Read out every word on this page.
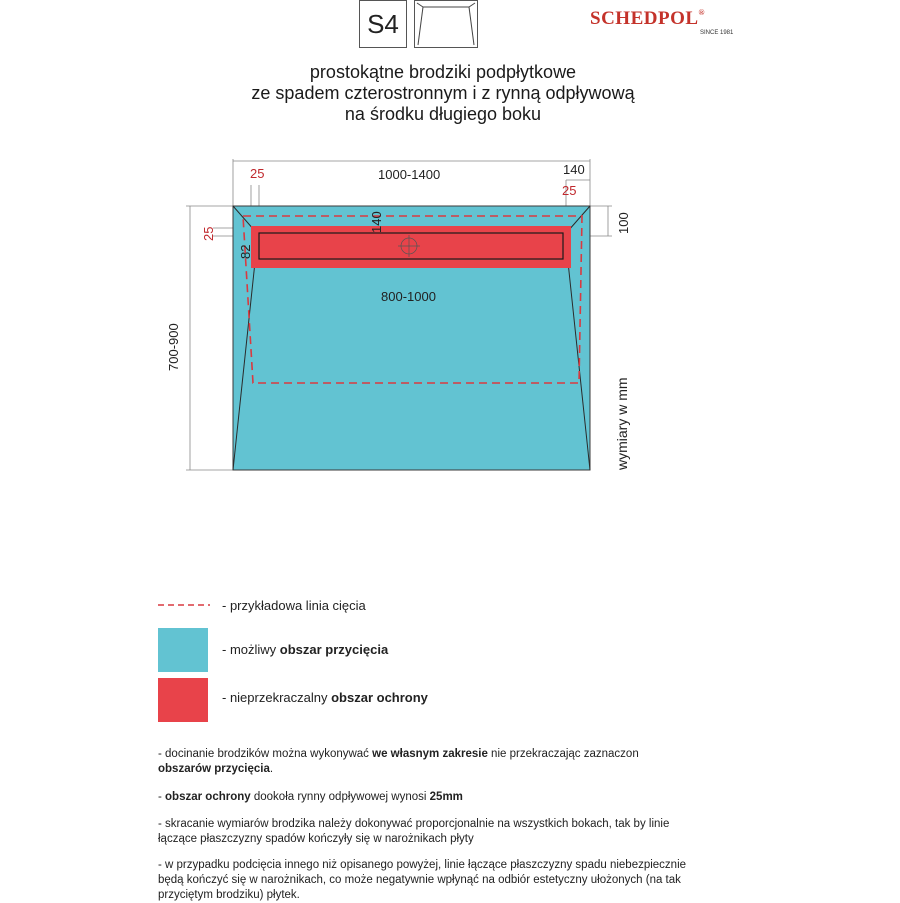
S4	SCHEDPOL®
SINCE 1981
prostokątne brodziki podpłytkowe
ze spadem czterostronnym i z rynną odpływową
na środku długiego boku
1000-1400	140
25
25
25
82
140	100
800-1000
700-900
wymiary w mm
- przykładowa linia cięcia
- możliwy obszar przycięcia
- nieprzekraczalny obszar ochrony
- docinanie brodzików można wykonywać we własnym zakresie nie przekraczając zaznaczon
obszarów przycięcia.
- obszar ochrony dookoła rynny odpływowej wynosi 25mm
- skracanie wymiarów brodzika należy dokonywać proporcjonalnie na wszystkich bokach, tak by linie
łączące płaszczyzny spadów kończyły się w narożnikach płyty
- w przypadku podcięcia innego niż opisanego powyżej, linie łączące płaszczyzny spadu niebezpiecznie
będą kończyć się w narożnikach, co może negatywnie wpłynąć na odbiór estetyczny ułożonych (na tak
przyciętym brodziku) płytek.
